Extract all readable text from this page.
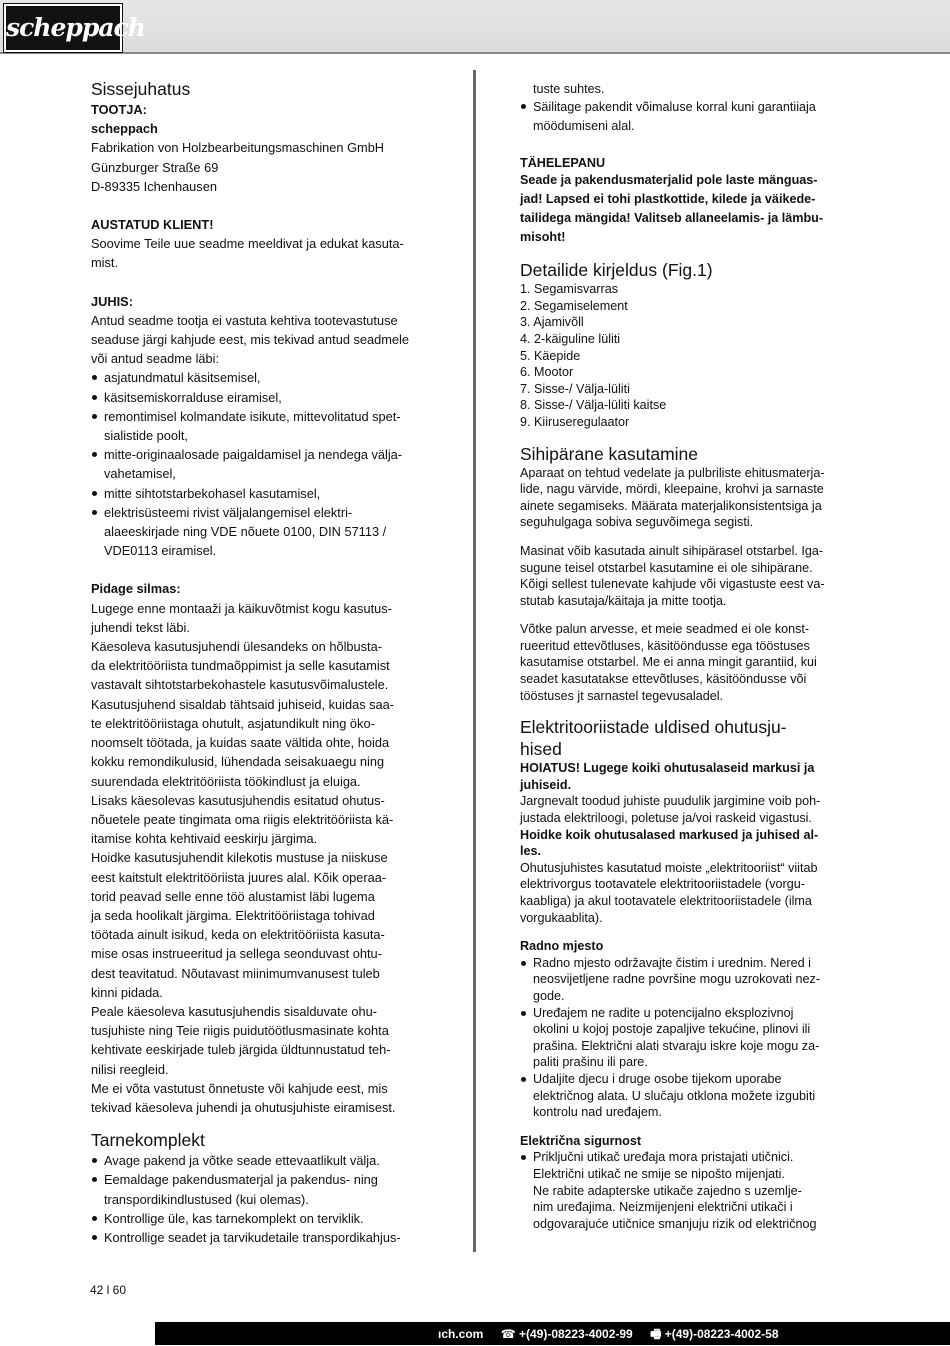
scheppach
Sissejuhatus

TOOTJA:

scheppach

Fabrikation von Holzbearbeitungsmaschinen GmbH

Günzburger Straße 69

D-89335 Ichenhausen

AUSTATUD KLIENT!

Soovime Teile uue seadme meeldivat ja edukat kasuta-

mist.

JUHIS:

Antud seadme tootja ei vastuta kehtiva tootevastutuse

seaduse järgi kahjude eest, mis tekivad antud seadmele

või antud seadme läbi:

asjatundmatul käsitsemisel,
käsitsemiskorralduse eiramisel,
remontimisel kolmandate isikute, mittevolitatud spet-
sialistide poolt,
mitte-originaalosade paigaldamisel ja nendega välja-
vahetamisel,
mitte sihtotstarbekohasel kasutamisel,
elektrisüsteemi rivist väljalangemisel elektri-
alaeeskirjade ning VDE nõuete 0100, DIN 57113 /
VDE0113 eiramisel.

Pidage silmas:

Lugege enne montaaži ja käikuvõtmist kogu kasutus-

juhendi tekst läbi.

Käesoleva kasutusjuhendi ülesandeks on hõlbusta-

da elektritööriista tundmaõppimist ja selle kasutamist

vastavalt sihtotstarbekohastele kasutusvõimalustele.

Kasutusjuhend sisaldab tähtsaid juhiseid, kuidas saa-

te elektritööriistaga ohutult, asjatundikult ning öko-

noomselt töötada, ja kuidas saate vältida ohte, hoida

kokku remondikulusid, lühendada seisakuaegu ning

suurendada elektritööriista töökindlust ja eluiga.

Lisaks käesolevas kasutusjuhendis esitatud ohutus-

nõuetele peate tingimata oma riigis elektritööriista kä-

itamise kohta kehtivaid eeskirju järgima.

Hoidke kasutusjuhendit kilekotis mustuse ja niiskuse

eest kaitstult elektritööriista juures alal. Kõik operaa-

torid peavad selle enne töö alustamist läbi lugema

ja seda hoolikalt järgima. Elektritööriistaga tohivad

töötada ainult isikud, keda on elektritööriista kasuta-

mise osas instrueeritud ja sellega seonduvast ohtu-

dest teavitatud. Nõutavast miinimumvanusest tuleb

kinni pidada.

Peale käesoleva kasutusjuhendis sisalduvate ohu-

tusjuhiste ning Teie riigis puidutöötlusmasinate kohta

kehtivate eeskirjade tuleb järgida üldtunnustatud teh-

nilisi reegleid.

Me ei võta vastutust õnnetuste või kahjude eest, mis

tekivad käesoleva juhendi ja ohutusjuhiste eiramisest.

Tarnekomplekt
Avage pakend ja võtke seade ettevaatlikult välja.
Eemaldage pakendusmaterjal ja pakendus- ning
transpordikindlustused (kui olemas).
Kontrollige üle, kas tarnekomplekt on terviklik.
Kontrollige seadet ja tarvikudetaile transpordikahjus-

tuste suhtes.

Säilitage pakendit võimaluse korral kuni garantiiaja
möödumiseni alal.

TÄHELEPANU

Seade ja pakendusmaterjalid pole laste mänguas-

jad! Lapsed ei tohi plastkottide, kilede ja väikede-

tailidega mängida! Valitseb allaneelamis- ja lämbu-

misoht!

Detailide kirjeldus (Fig.1)
1. Segamisvarras
2. Segamiselement
3. Ajamivõll
4. 2-käiguline lüliti
5. Käepide
6. Mootor
7. Sisse-/ Välja-lüliti
8. Sisse-/ Välja-lüliti kaitse
9. Kiiruseregulaator
Sihipärane kasutamine

Aparaat on tehtud vedelate ja pulbriliste ehitusmaterja-

lide, nagu värvide, mördi, kleepaine, krohvi ja sarnaste

ainete segamiseks. Määrata materjalikonsistentsiga ja

seguhulgaga sobiva seguvõimega segisti.

Masinat võib kasutada ainult sihipärasel otstarbel. Iga-

sugune teisel otstarbel kasutamine ei ole sihipärane.

Kõigi sellest tulenevate kahjude või vigastuste eest va-

stutab kasutaja/käitaja ja mitte tootja.

Võtke palun arvesse, et meie seadmed ei ole konst-

rueeritud ettevõtluses, käsitööndusse ega tööstuses

kasutamise otstarbel. Me ei anna mingit garantiid, kui

seadet kasutatakse ettevõtluses, käsitööndusse või

tööstuses jt sarnastel tegevusaladel.

Elektritooriistade uldised ohutusju-
hised

HOIATUS! Lugege koiki ohutusalaseid markusi ja

juhiseid.

Jargnevalt toodud juhiste puudulik jargimine voib poh-

justada elektriloogi, poletuse ja/voi raskeid vigastusi.

Hoidke koik ohutusalased markused ja juhised al-

les.

Ohutusjuhistes kasutatud moiste „elektritooriist“ viitab

elektrivorgus tootavatele elektritooriistadele (vorgu-

kaabliga) ja akul tootavatele elektritooriistadele (ilma

vorgukaablita).

Radno mjesto

Radno mjesto održavajte čistim i urednim. Nered i
neosvijetljene radne površine mogu uzrokovati nez-
gode.
Uređajem ne radite u potencijalno eksplozivnoj
okolini u kojoj postoje zapaljive tekućine, plinovi ili
prašina. Električni alati stvaraju iskre koje mogu za-
paliti prašinu ili pare.
Udaljite djecu i druge osobe tijekom uporabe
električnog alata. U slučaju otklona možete izgubiti
kontrolu nad uređajem.

Električna sigurnost

Priključni utikač uređaja mora pristajati utičnici.
Električni utikač ne smije se nipošto mijenjati.
Ne rabite adapterske utikače zajedno s uzemlje-
nim uređajima. Neizmijenjeni električni utikači i
odgovarajuće utičnice smanjuju rizik od električnog
42 l 60
ıch.com ☎ +(49)-08223-4002-99 🖷 +(49)-08223-4002-58
